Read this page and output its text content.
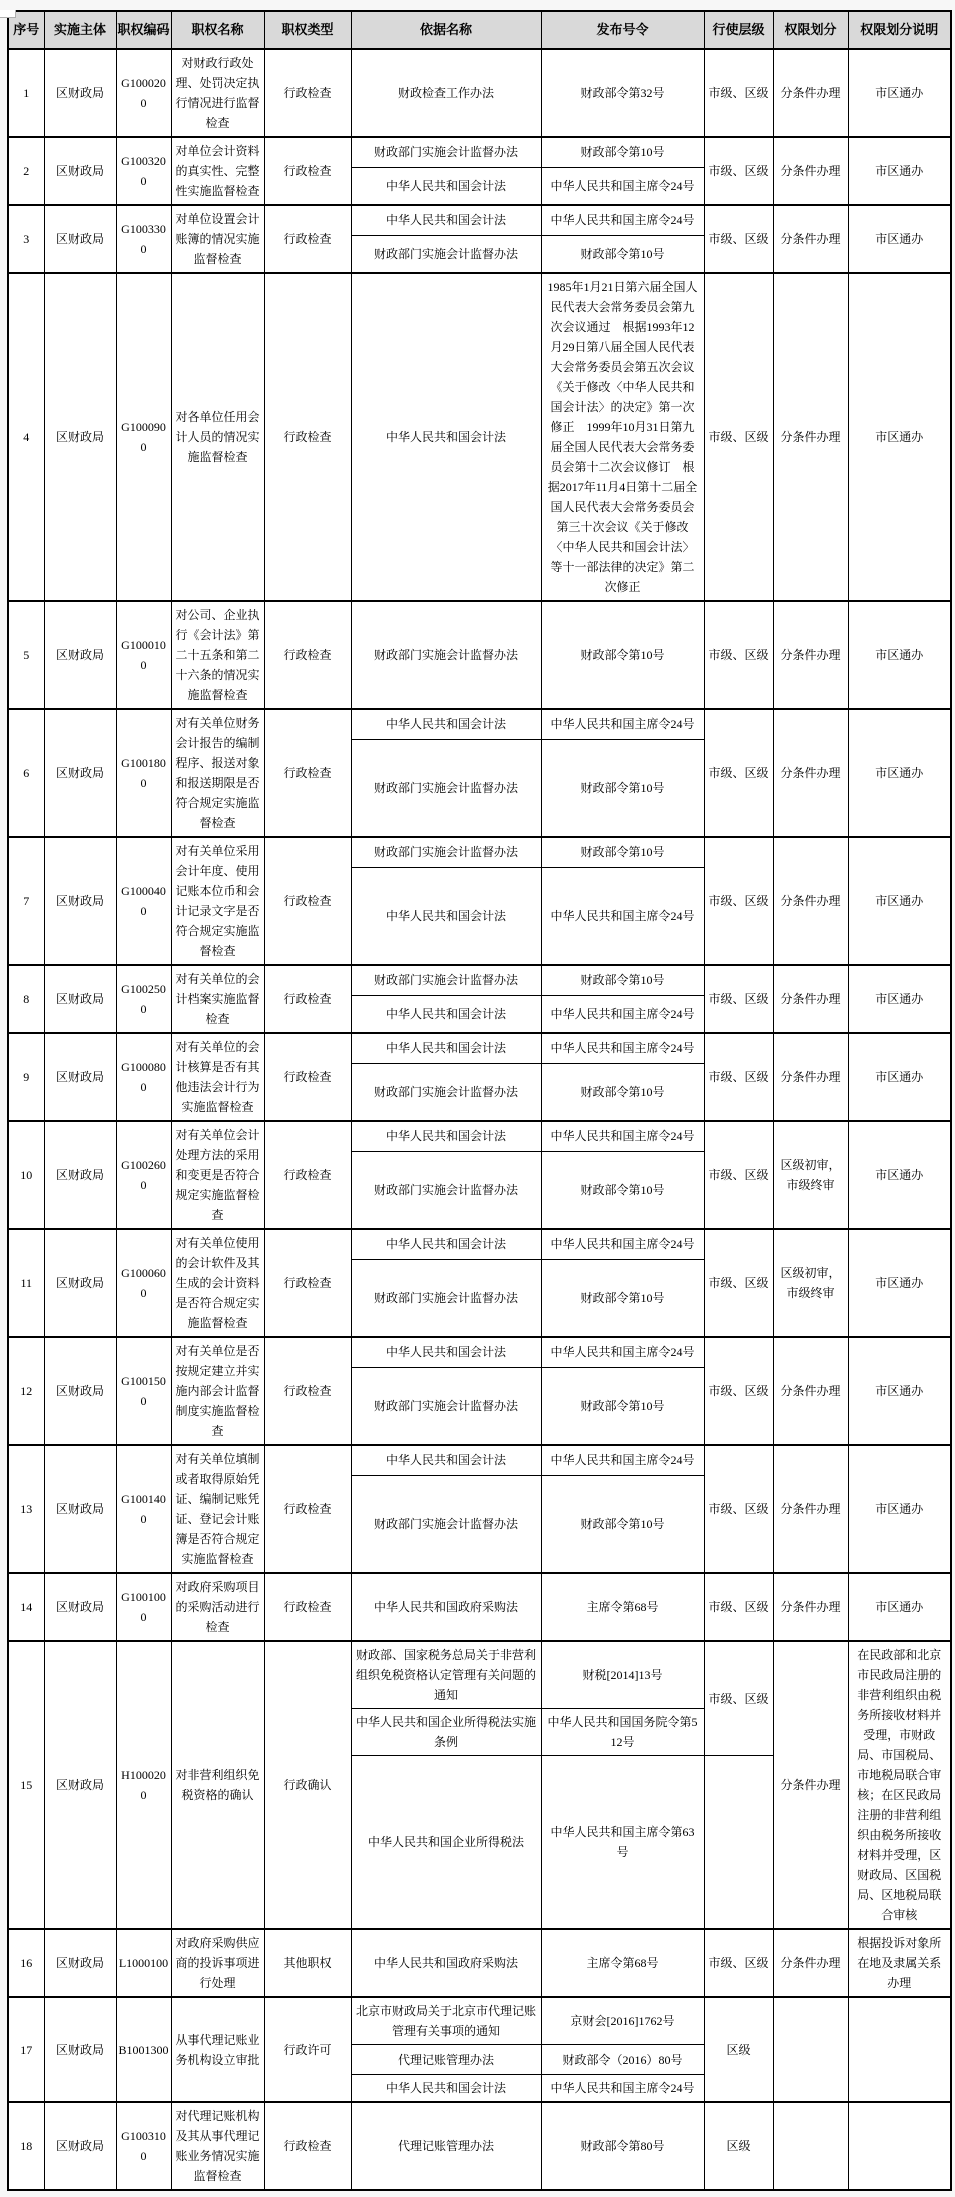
序号	实施主体	职权编码	职权名称	职权类型	依据名称	发布号令	行使层级	权限划分	权限划分说明
1	区财政局	G1000200	对财政行政处理、处罚决定执行情况进行监督检查	行政检查	财政检查工作办法	财政部令第32号	市级、区级	分条件办理	市区通办
2	区财政局	G1003200	对单位会计资料的真实性、完整性实施监督检查	行政检查	财政部门实施会计监督办法	财政部令第10号	市级、区级	分条件办理	市区通办
					中华人民共和国会计法	中华人民共和国主席令24号			
3	区财政局	G1003300	对单位设置会计账簿的情况实施监督检查	行政检查	中华人民共和国会计法	中华人民共和国主席令24号	市级、区级	分条件办理	市区通办
					财政部门实施会计监督办法	财政部令第10号			
4	区财政局	G1000900	对各单位任用会计人员的情况实施监督检查	行政检查	中华人民共和国会计法	1985年1月21日第六届全国人民代表大会常务委员会第九次会议通过　根据1993年12月29日第八届全国人民代表大会常务委员会第五次会议《关于修改〈中华人民共和国会计法〉的决定》第一次修正　1999年10月31日第九届全国人民代表大会常务委员会第十二次会议修订　根据2017年11月4日第十二届全国人民代表大会常务委员会第三十次会议《关于修改〈中华人民共和国会计法〉等十一部法律的决定》第二次修正	市级、区级	分条件办理	市区通办
5	区财政局	G1000100	对公司、企业执行《会计法》第二十五条和第二十六条的情况实施监督检查	行政检查	财政部门实施会计监督办法	财政部令第10号	市级、区级	分条件办理	市区通办
6	区财政局	G1001800	对有关单位财务会计报告的编制程序、报送对象和报送期限是否符合规定实施监督检查	行政检查	中华人民共和国会计法	中华人民共和国主席令24号	市级、区级	分条件办理	市区通办
					财政部门实施会计监督办法	财政部令第10号			
7	区财政局	G1000400	对有关单位采用会计年度、使用记账本位币和会计记录文字是否符合规定实施监督检查	行政检查	财政部门实施会计监督办法	财政部令第10号	市级、区级	分条件办理	市区通办
					中华人民共和国会计法	中华人民共和国主席令24号			
8	区财政局	G1002500	对有关单位的会计档案实施监督检查	行政检查	财政部门实施会计监督办法	财政部令第10号	市级、区级	分条件办理	市区通办
					中华人民共和国会计法	中华人民共和国主席令24号			
9	区财政局	G1000800	对有关单位的会计核算是否有其他违法会计行为实施监督检查	行政检查	中华人民共和国会计法	中华人民共和国主席令24号	市级、区级	分条件办理	市区通办
					财政部门实施会计监督办法	财政部令第10号			
10	区财政局	G1002600	对有关单位会计处理方法的采用和变更是否符合规定实施监督检查	行政检查	中华人民共和国会计法	中华人民共和国主席令24号	市级、区级	区级初审，市级终审	市区通办
					财政部门实施会计监督办法	财政部令第10号			
11	区财政局	G1000600	对有关单位使用的会计软件及其生成的会计资料是否符合规定实施监督检查	行政检查	中华人民共和国会计法	中华人民共和国主席令24号	市级、区级	区级初审，市级终审	市区通办
					财政部门实施会计监督办法	财政部令第10号			
12	区财政局	G1001500	对有关单位是否按规定建立并实施内部会计监督制度实施监督检查	行政检查	中华人民共和国会计法	中华人民共和国主席令24号	市级、区级	分条件办理	市区通办
					财政部门实施会计监督办法	财政部令第10号			
13	区财政局	G1001400	对有关单位填制或者取得原始凭证、编制记账凭证、登记会计账簿是否符合规定实施监督检查	行政检查	中华人民共和国会计法	中华人民共和国主席令24号	市级、区级	分条件办理	市区通办
					财政部门实施会计监督办法	财政部令第10号			
14	区财政局	G1001000	对政府采购项目的采购活动进行检查	行政检查	中华人民共和国政府采购法	主席令第68号	市级、区级	分条件办理	市区通办
15	区财政局	H1000200	对非营利组织免税资格的确认	行政确认	财政部、国家税务总局关于非营利组织免税资格认定管理有关问题的通知	财税[2014]13号	市级、区级	分条件办理	在民政部和北京市民政局注册的非营利组织由税务所接收材料并受理，市财政局、市国税局、市地税局联合审核；在区民政局注册的非营利组织由税务所接收材料并受理，区财政局、区国税局、区地税局联合审核
					中华人民共和国企业所得税法实施条例	中华人民共和国国务院令第512号			
					中华人民共和国企业所得税法	中华人民共和国主席令第63号			
16	区财政局	L1000100	对政府采购供应商的投诉事项进行处理	其他职权	中华人民共和国政府采购法	主席令第68号	市级、区级	分条件办理	根据投诉对象所在地及隶属关系办理
17	区财政局	B1001300	从事代理记账业务机构设立审批	行政许可	北京市财政局关于北京市代理记账管理有关事项的通知	京财会[2016]1762号	区级		
					代理记账管理办法	财政部令（2016）80号			
					中华人民共和国会计法	中华人民共和国主席令24号			
18	区财政局	G1003100	对代理记账机构及其从事代理记账业务情况实施监督检查	行政检查	代理记账管理办法	财政部令第80号	区级		
